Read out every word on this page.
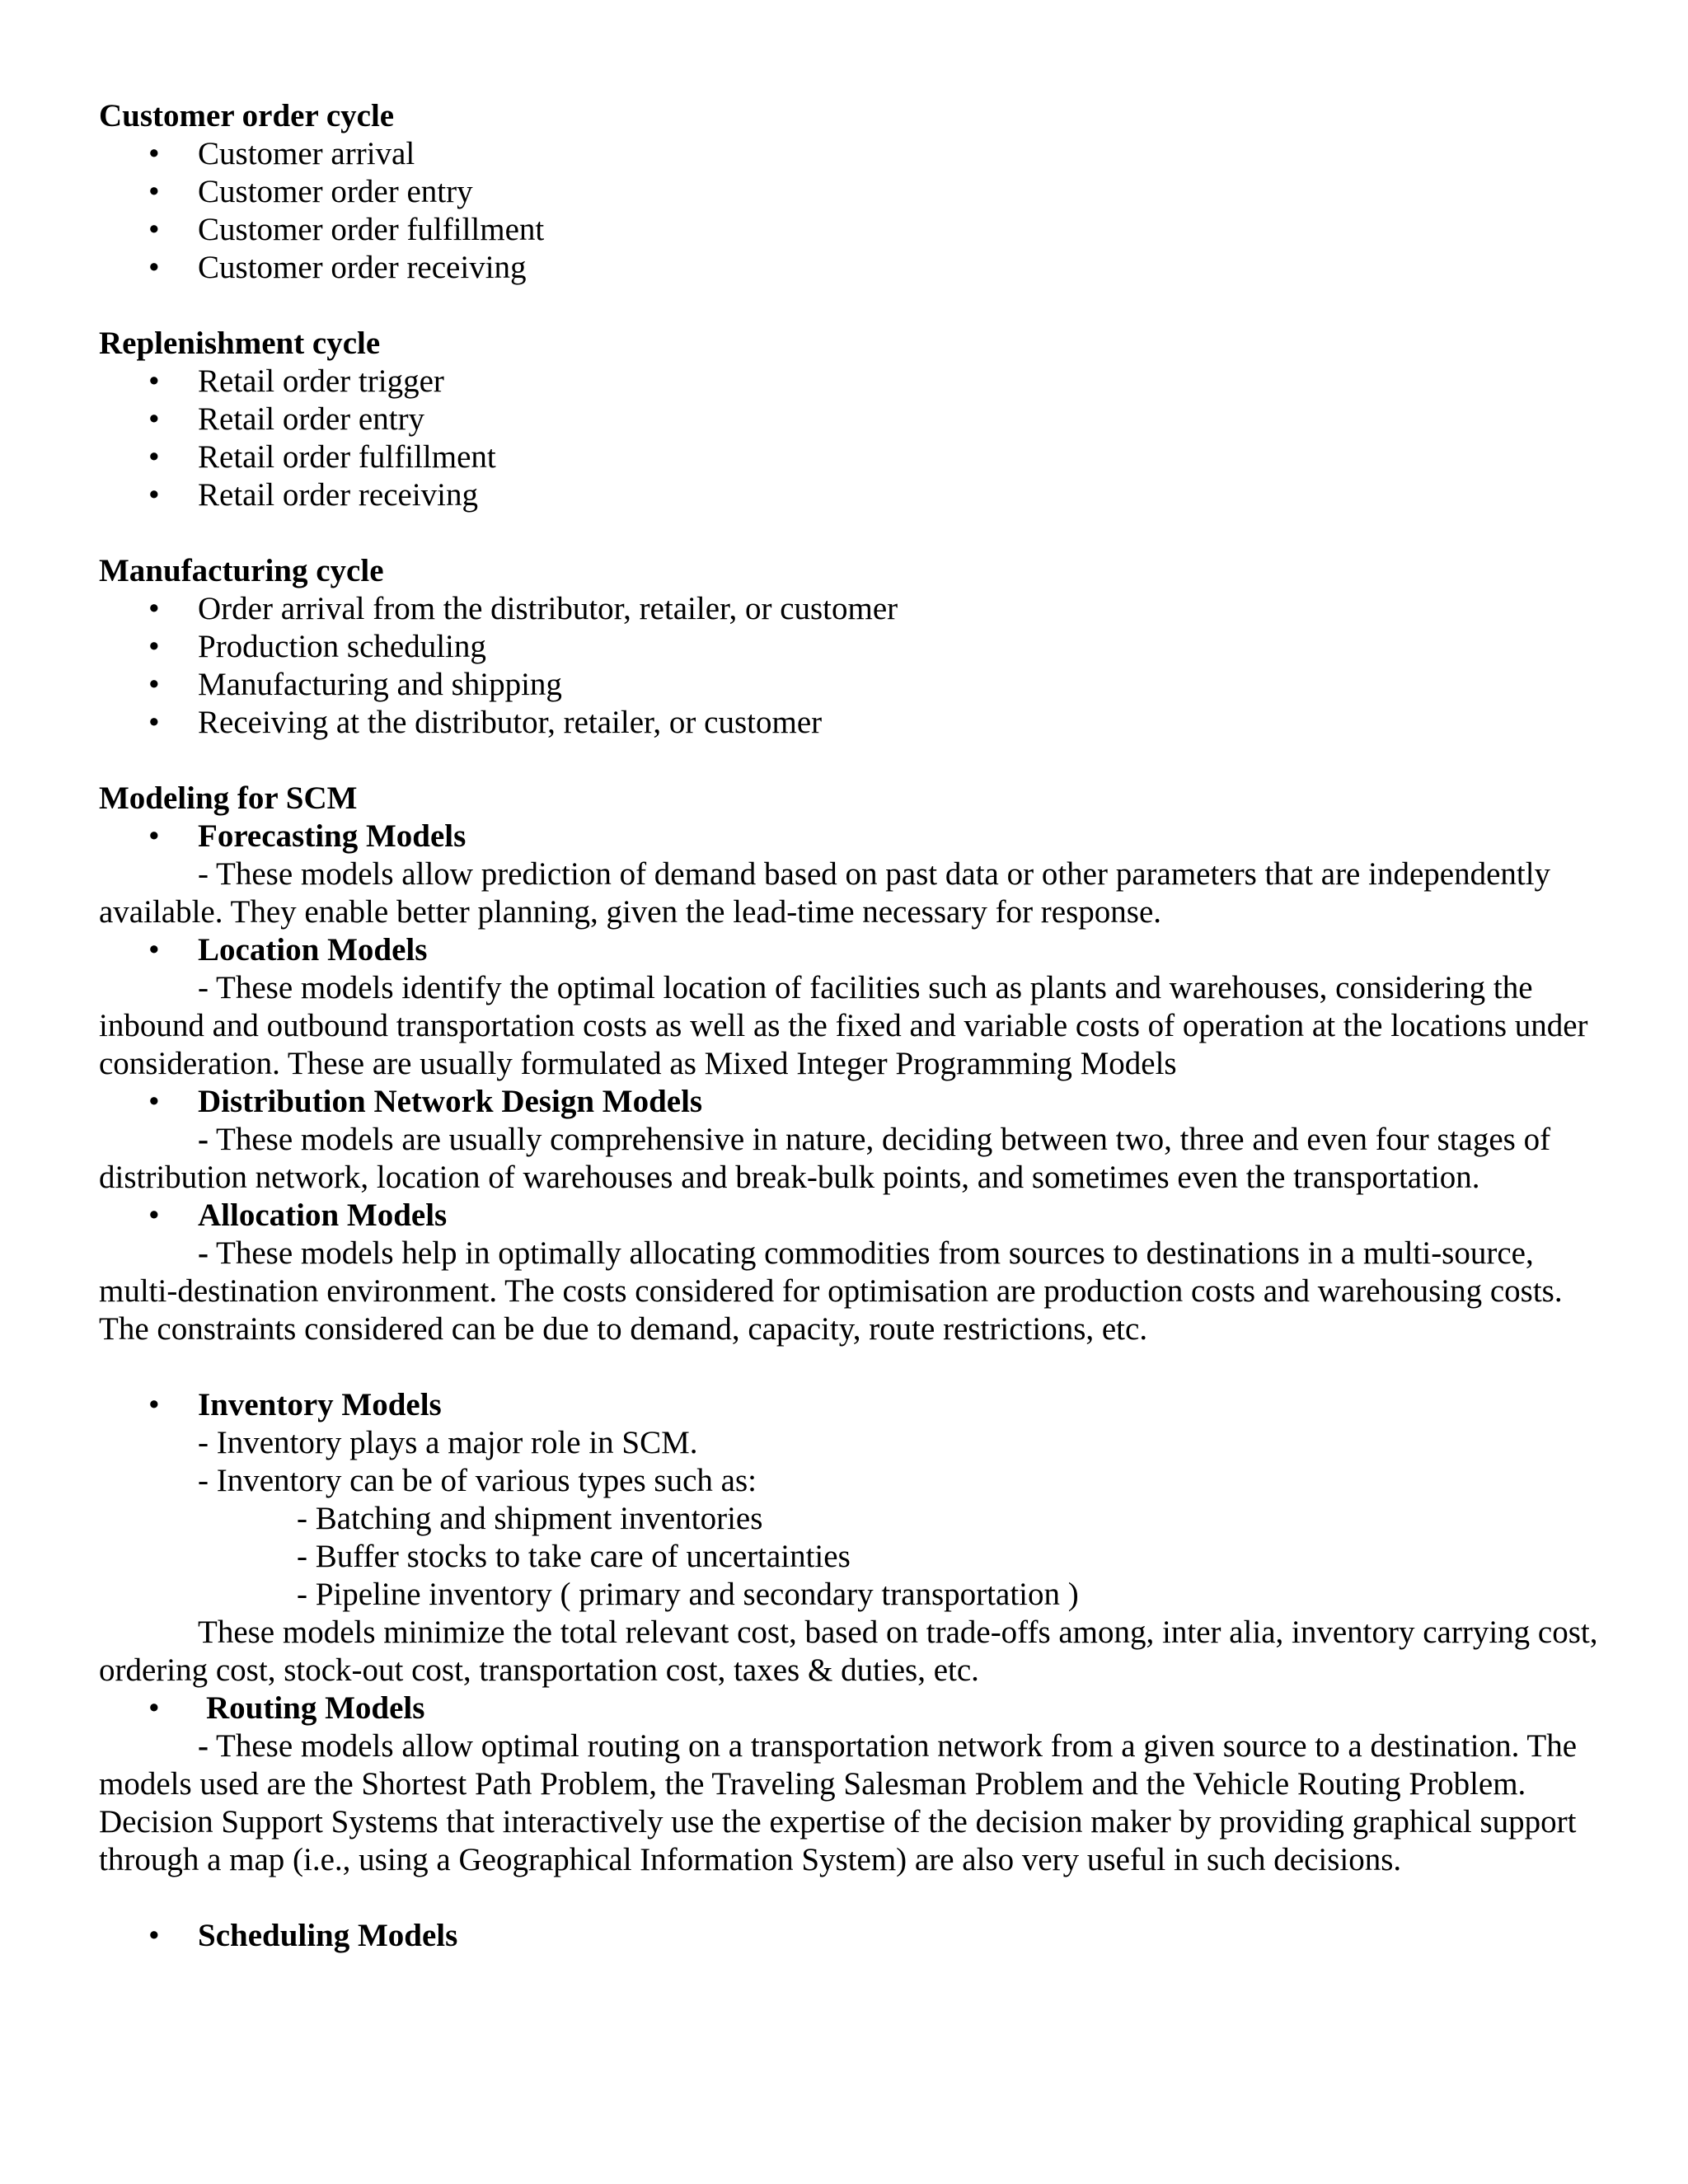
Customer order cycle
• Customer arrival
• Customer order entry
• Customer order fulfillment
• Customer order receiving
Replenishment cycle
• Retail order trigger
• Retail order entry
• Retail order fulfillment
• Retail order receiving
Manufacturing cycle
• Order arrival from the distributor, retailer, or customer
• Production scheduling
• Manufacturing and shipping
• Receiving at the distributor, retailer, or customer
Modeling for SCM
• Forecasting Models

- These models allow prediction of demand based on past data or other parameters that are independently available. They enable better planning, given the lead-time necessary for response.

• Location Models

- These models identify the optimal location of facilities such as plants and warehouses, considering the inbound and outbound transportation costs as well as the fixed and variable costs of operation at the locations under consideration. These are usually formulated as Mixed Integer Programming Models

• Distribution Network Design Models

- These models are usually comprehensive in nature, deciding between two, three and even four stages of distribution network, location of warehouses and break-bulk points, and sometimes even the transportation.

• Allocation Models

- These models help in optimally allocating commodities from sources to destinations in a multi-source, multi-destination environment. The costs considered for optimisation are production costs and warehousing costs. The constraints considered can be due to demand, capacity, route restrictions, etc.

• Inventory Models
- Inventory plays a major role in SCM.
- Inventory can be of various types such as:
- Batching and shipment inventories
- Buffer stocks to take care of uncertainties
- Pipeline inventory ( primary and secondary transportation )

These models minimize the total relevant cost, based on trade-offs among, inter alia, inventory carrying cost, ordering cost, stock-out cost, transportation cost, taxes & duties, etc.

• Routing Models

- These models allow optimal routing on a transportation network from a given source to a destination. The models used are the Shortest Path Problem, the Traveling Salesman Problem and the Vehicle Routing Problem. Decision Support Systems that interactively use the expertise of the decision maker by providing graphical support through a map (i.e., using a Geographical Information System) are also very useful in such decisions.

• Scheduling Models
